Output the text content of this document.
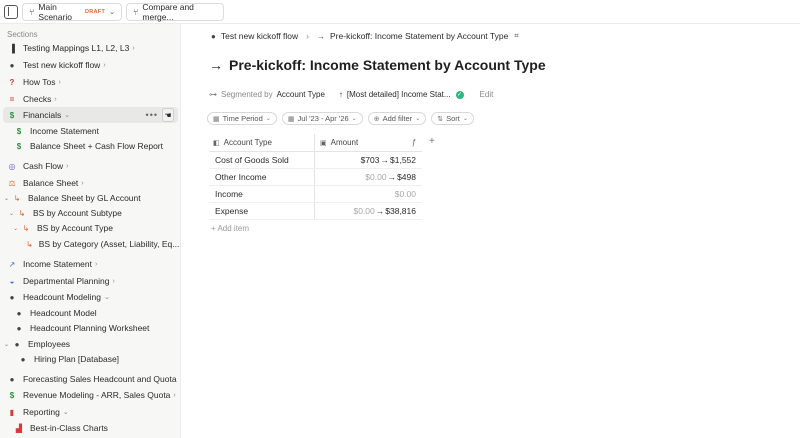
⑂ Main Scenario	DRAFT ⌄ ⑂ Compare and merge...
Sections
▐ Testing Mappings L1, L2, L3 ›
●	Test new kickoff flow ›
?	How Tos ›
=	Checks ›
$	Financials ⌄	••• ☚
$	Income Statement
$	Balance Sheet + Cash Flow Report
◎ Cash Flow ›
⚖ Balance Sheet ›
⌄ ↳ Balance Sheet by GL Account
⌄ ↳ BS by Account Subtype
⌄ ↳ BS by Account Type
↳ BS by Category (Asset, Liability, Eq...
↗ Income Statement ›
◒	Departmental Planning ›
●	Headcount Modeling ⌄
●	Headcount Model
●	Headcount Planning Worksheet
⌄ ●	Employees
●	Hiring Plan [Database]
●	Forecasting Sales Headcount and Quota
$	Revenue Modeling - ARR, Sales Quota ›
▮	Reporting ⌄
▟ Best-in-Class Charts
● Test new kickoff flow › → Pre-kickoff: Income Statement by Account Type ⌗
→ Pre-kickoff: Income Statement by Account Type
⊶ Segmented by Account Type ↑ [Most detailed] Income Stat... ✓ Edit
▦ Time Period ⌄ ▦ Jul '23 - Apr '26 ⌄ ⊕ Add filter ⌄ ⇅ Sort ⌄
◧ Account Type	▣ Amount	ƒ
Cost of Goods Sold	$703 → $1,552
Other Income	$0.00 → $498
Income	$0.00
Expense	$0.00 → $38,816
+
+ Add item
